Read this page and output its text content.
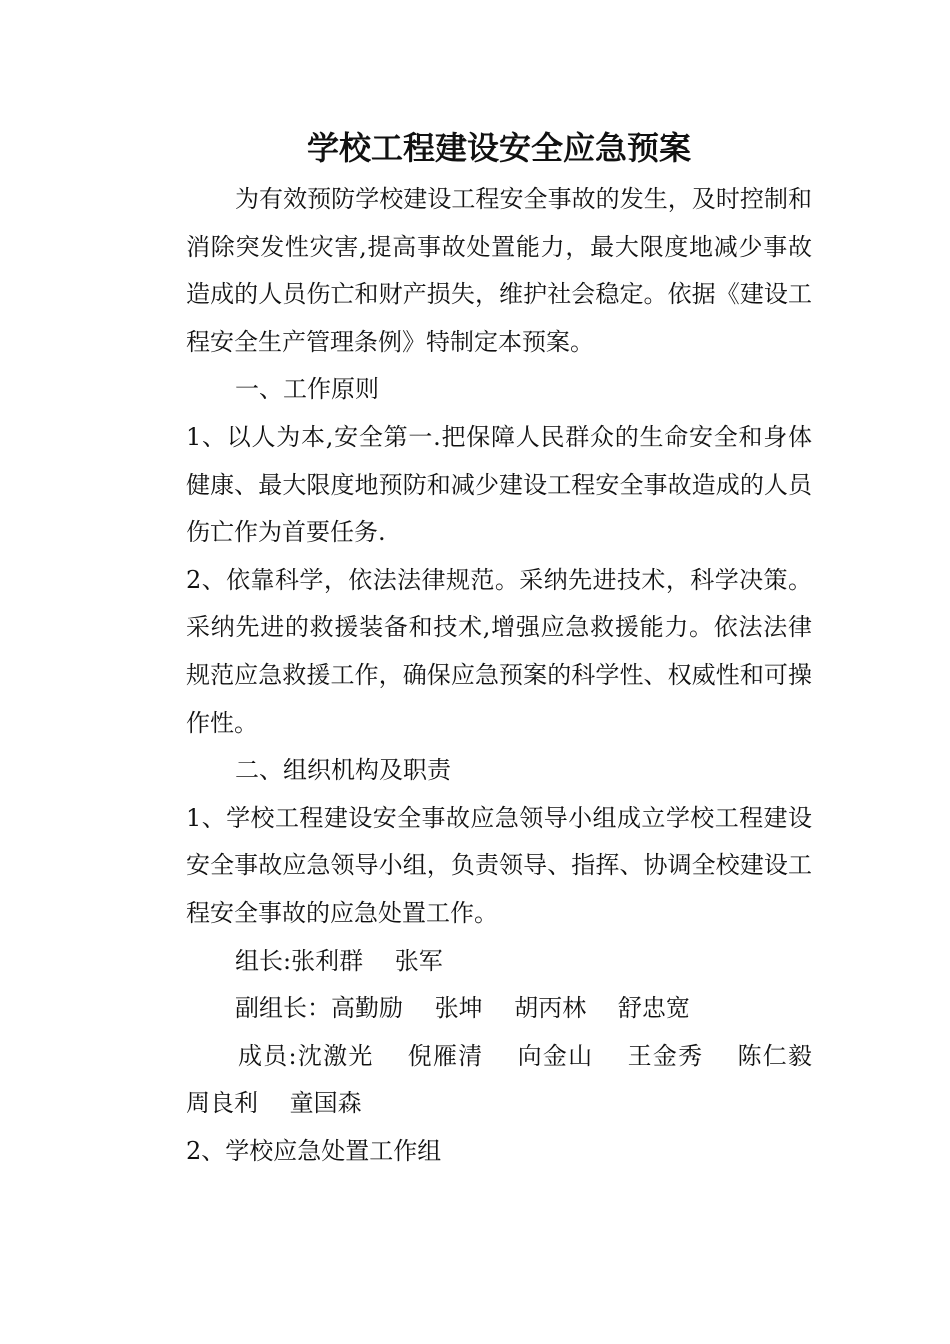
学校工程建设安全应急预案

为有效预防学校建设工程安全事故的发生，及时控制和消除突发性灾害,提高事故处置能力，最大限度地减少事故造成的人员伤亡和财产损失，维护社会稳定。依据《建设工程安全生产管理条例》特制定本预案。

一、工作原则

1、以人为本,安全第一.把保障人民群众的生命安全和身体健康、最大限度地预防和减少建设工程安全事故造成的人员伤亡作为首要任务.

2、依靠科学，依法法律规范。采纳先进技术，科学决策。采纳先进的救援装备和技术,增强应急救援能力。依法法律规范应急救援工作，确保应急预案的科学性、权威性和可操作性。

二、组织机构及职责

1、学校工程建设安全事故应急领导小组成立学校工程建设安全事故应急领导小组，负责领导、指挥、协调全校建设工程安全事故的应急处置工作。

组长:张利群　 张军

副组长：高勤励　 张坤　 胡丙林　 舒忠宽

成员:沈激光　 倪雁清　 向金山　 王金秀　 陈仁毅　 周良利　 童国森

2、学校应急处置工作组
